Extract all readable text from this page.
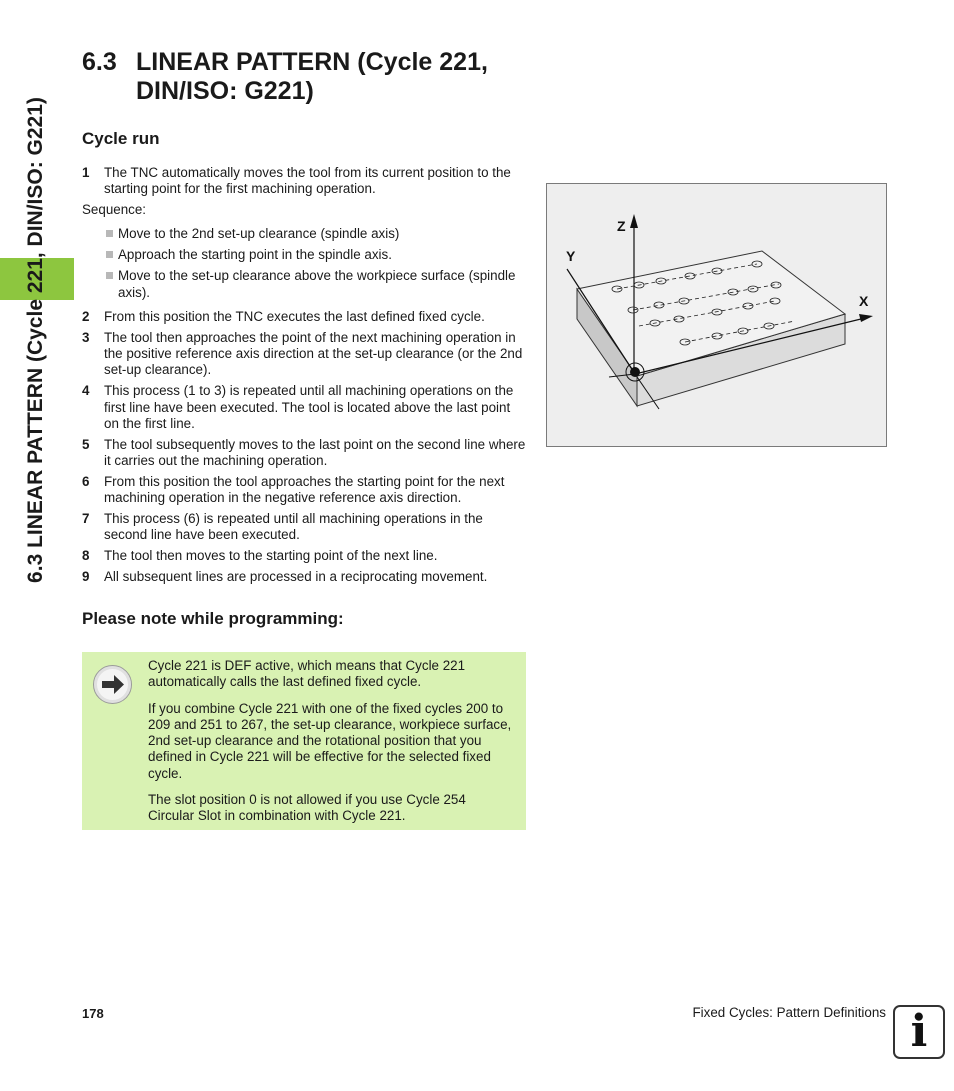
6.3 LINEAR PATTERN (Cycle 221, DIN/ISO: G221)
6.3 LINEAR PATTERN (Cycle 221,
DIN/ISO: G221)
Cycle run
1	The TNC automatically moves the tool from its current position to the starting point for the first machining operation.
Sequence:
Move to the 2nd set-up clearance (spindle axis)
Approach the starting point in the spindle axis.
Move to the set-up clearance above the workpiece surface (spindle axis).
2	From this position the TNC executes the last defined fixed cycle.
3	The tool then approaches the point of the next machining operation in the positive reference axis direction at the set-up clearance (or the 2nd set-up clearance).
4	This process (1 to 3) is repeated until all machining operations on the first line have been executed. The tool is located above the last point on the first line.
5	The tool subsequently moves to the last point on the second line where it carries out the machining operation.
6	From this position the tool approaches the starting point for the next machining operation in the negative reference axis direction.
7	This process (6) is repeated until all machining operations in the second line have been executed.
8	The tool then moves to the starting point of the next line.
9	All subsequent lines are processed in a reciprocating movement.
Z
Y
X
Please note while programming:

Cycle 221 is DEF active, which means that Cycle 221 automatically calls the last defined fixed cycle.

If you combine Cycle 221 with one of the fixed cycles 200 to 209 and 251 to 267, the set-up clearance, workpiece surface, 2nd set-up clearance and the rotational position that you defined in Cycle 221 will be effective for the selected fixed cycle.

The slot position 0 is not allowed if you use Cycle 254 Circular Slot in combination with Cycle 221.

178	Fixed Cycles: Pattern Definitions i
